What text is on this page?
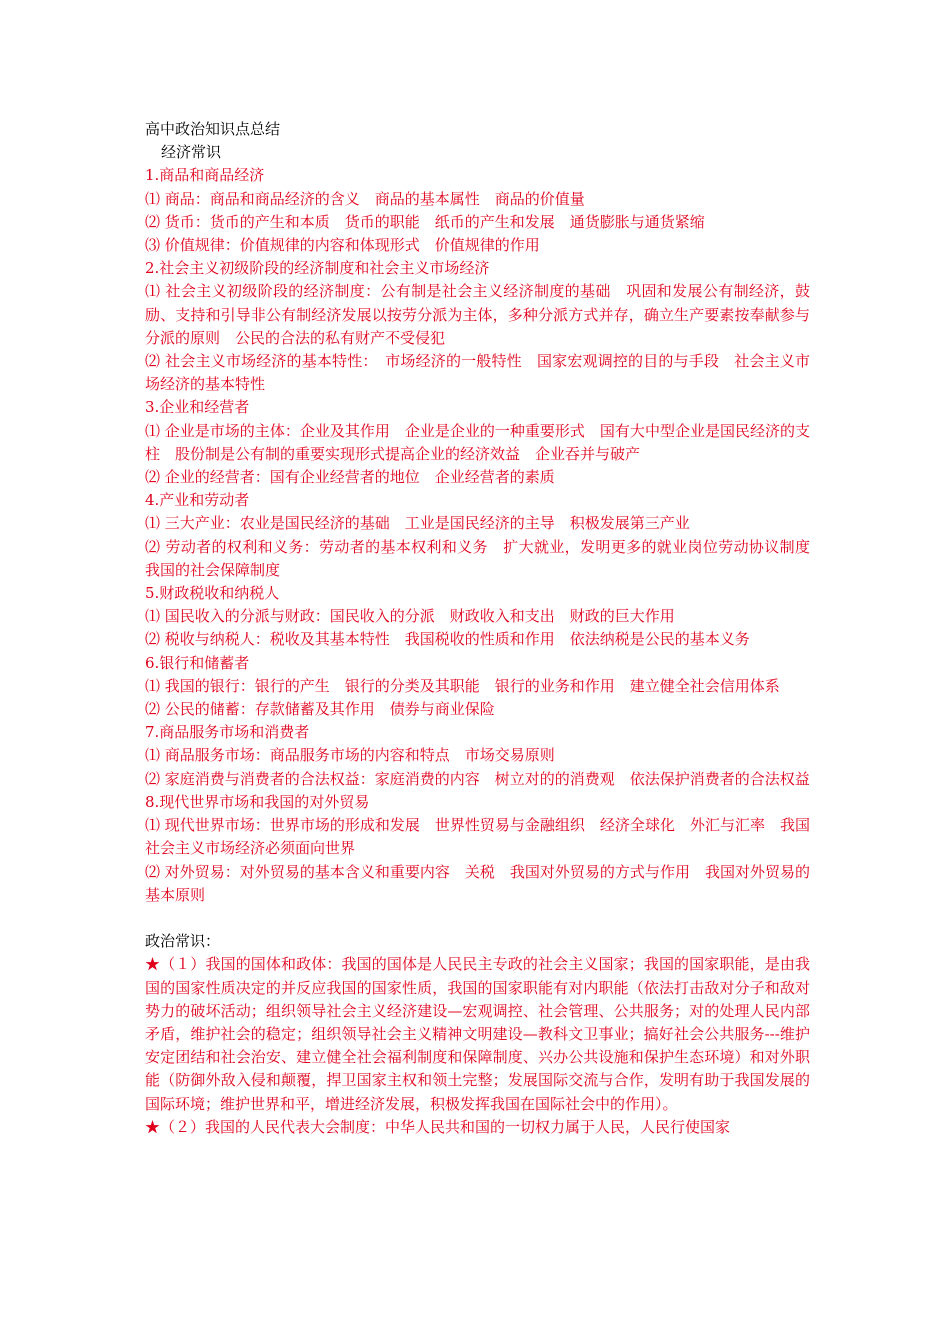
高中政治知识点总结

经济常识

1.商品和商品经济

⑴ 商品：商品和商品经济的含义　商品的基本属性　商品的价值量

⑵ 货币：货币的产生和本质　货币的职能　纸币的产生和发展　通货膨胀与通货紧缩

⑶ 价值规律：价值规律的内容和体现形式　价值规律的作用

2.社会主义初级阶段的经济制度和社会主义市场经济

⑴ 社会主义初级阶段的经济制度：公有制是社会主义经济制度的基础　巩固和发展公有制经济，鼓励、支持和引导非公有制经济发展以按劳分派为主体，多种分派方式并存，确立生产要素按奉献参与分派的原则　公民的合法的私有财产不受侵犯

⑵ 社会主义市场经济的基本特性：　市场经济的一般特性　国家宏观调控的目的与手段　社会主义市场经济的基本特性

3.企业和经营者

⑴ 企业是市场的主体：企业及其作用　企业是企业的一种重要形式　国有大中型企业是国民经济的支柱　股份制是公有制的重要实现形式提高企业的经济效益　企业吞并与破产

⑵ 企业的经营者：国有企业经营者的地位　企业经营者的素质

4.产业和劳动者

⑴ 三大产业：农业是国民经济的基础　工业是国民经济的主导　积极发展第三产业

⑵ 劳动者的权利和义务：劳动者的基本权利和义务　扩大就业，发明更多的就业岗位劳动协议制度　我国的社会保障制度

5.财政税收和纳税人

⑴ 国民收入的分派与财政：国民收入的分派　财政收入和支出　财政的巨大作用

⑵ 税收与纳税人：税收及其基本特性　我国税收的性质和作用　依法纳税是公民的基本义务

6.银行和储蓄者

⑴ 我国的银行：银行的产生　银行的分类及其职能　银行的业务和作用　建立健全社会信用体系

⑵ 公民的储蓄：存款储蓄及其作用　债券与商业保险

7.商品服务市场和消费者

⑴ 商品服务市场：商品服务市场的内容和特点　市场交易原则

⑵ 家庭消费与消费者的合法权益：家庭消费的内容　树立对的的消费观　依法保护消费者的合法权益

8.现代世界市场和我国的对外贸易

⑴ 现代世界市场：世界市场的形成和发展　世界性贸易与金融组织　经济全球化　外汇与汇率　我国社会主义市场经济必须面向世界

⑵ 对外贸易：对外贸易的基本含义和重要内容　关税　我国对外贸易的方式与作用　我国对外贸易的基本原则

政治常识：

★（１）我国的国体和政体：我国的国体是人民民主专政的社会主义国家；我国的国家职能，是由我国的国家性质决定的并反应我国的国家性质，我国的国家职能有对内职能（依法打击敌对分子和敌对势力的破坏活动；组织领导社会主义经济建设—宏观调控、社会管理、公共服务；对的处理人民内部矛盾，维护社会的稳定；组织领导社会主义精神文明建设—教科文卫事业；搞好社会公共服务---维护安定团结和社会治安、建立健全社会福利制度和保障制度、兴办公共设施和保护生态环境）和对外职能（防御外敌入侵和颠覆，捍卫国家主权和领土完整；发展国际交流与合作，发明有助于我国发展的国际环境；维护世界和平，增进经济发展，积极发挥我国在国际社会中的作用）。

★（２）我国的人民代表大会制度：中华人民共和国的一切权力属于人民，人民行使国家
